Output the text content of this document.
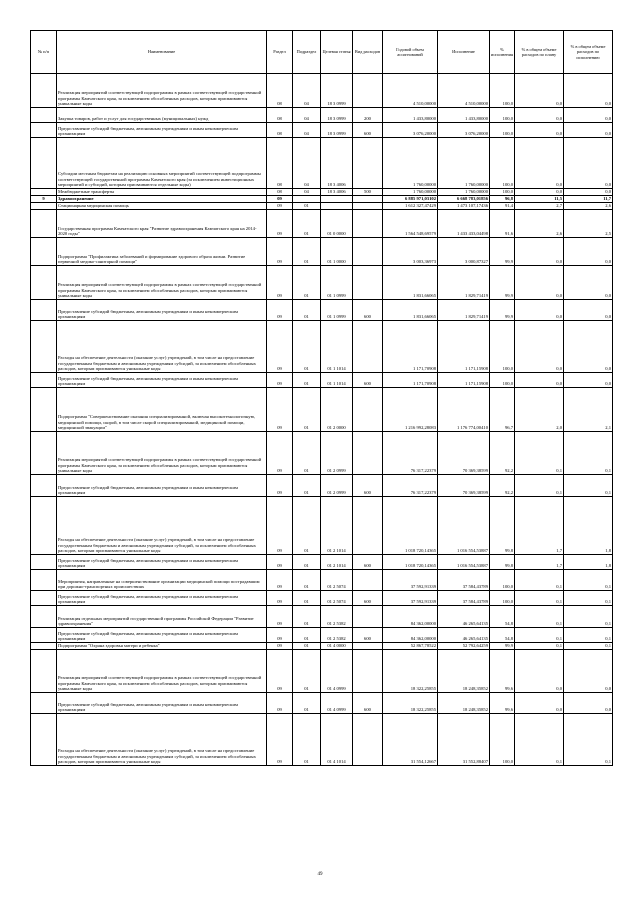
№ п/п	Наименование	Раздел	Подраздел	Целевая статья	Вид расходов	Годовой объем ассигнований	Исполнение	% исполнения	% в общем объеме расходов по плану	% в общем объеме расходов по исполнению
	Реализация мероприятий соответствующей подпрограммы в рамках соответствующей государственной программы Камчатского края, за исключением обособленных расходов, которым присваиваются уникальные коды	08	04	18 3 0999		4 510,00000	4 510,00000	100,0	0,0	0,0
	Закупка товаров, работ и услуг для государственных (муниципальных) нужд	08	04	18 3 0999	200	1 433,80000	1 433,80000	100,0	0,0	0,0
	Предоставление субсидий бюджетным, автономным учреждениям и иным некоммерческим организациям	08	04	18 3 0999	600	3 076,20000	3 076,20000	100,0	0,0	0,0
	Субсидии местным бюджетам на реализацию основных мероприятий соответствующей подпрограммы соответствующей государственной программы Камчатского края (за исключением инвестиционных мероприятий и субсидий, которым присваиваются отдельные коды)	08	04	18 3 4006		1 760,00000	1 760,00000	100,0	0,0	0,0
	Межбюджетные трансферты	08	04	18 3 4006	500	1 760,00000	1 760,00000	100,0	0,0	0,0
9	Здравоохранение	09				6 885 971,03102	6 668 783,01856	96,8	11,5	11,7
	Стационарная медицинская помощь	09	01			1 612 327,47429	1 473 107,17436	91,4	2,7	2,6
	Государственная программа Камчатского края "Развитие здравоохранения Камчатского края на 2014-2020 годы"	09	01	01 0 0000		1 564 548,69579	1 433 433,04498	91,6	2,6	2,5
	Подпрограмма "Профилактика заболеваний и формирование здорового образа жизни. Развитие первичной медико-санитарной помощи"	09	01	01 1 0000		3 003,36973	3 000,87327	99,9	0,0	0,0
	Реализация мероприятий соответствующей подпрограммы в рамках соответствующей государственной программы Камчатского края, за исключением обособленных расходов, которым присваиваются уникальные коды	09	01	01 1 0999		1 831,66065	1 829,71419	99,9	0,0	0,0
	Предоставление субсидий бюджетным, автономным учреждениям и иным некоммерческим организациям	09	01	01 1 0999	600	1 831,66065	1 829,71419	99,9	0,0	0,0
	Расходы на обеспечение деятельности (оказание услуг) учреждений, в том числе на предоставление государственным бюджетным и автономным учреждениям субсидий, за исключением обособленных расходов, которым присваиваются уникальные коды	09	01	01 1 1014		1 171,70908	1 171,15908	100,0	0,0	0,0
	Предоставление субсидий бюджетным, автономным учреждениям и иным некоммерческим организациям	09	01	01 1 1014	600	1 171,70908	1 171,15908	100,0	0,0	0,0
	Подпрограмма "Совершенствование оказания специализированной, включая высокотехнологичную, медицинской помощи, скорой, в том числе скорой специализированной, медицинской помощи, медицинской эвакуации"	09	01	01 2 0000		1 216 992,28083	1 176 774,00410	96,7	2,0	2,1
	Реализация мероприятий соответствующей подпрограммы в рамках соответствующей государственной программы Камчатского края, за исключением обособленных расходов, которым присваиваются уникальные коды	09	01	01 2 0999		76 317,22379	70 369,38599	92,2	0,1	0,1
	Предоставление субсидий бюджетным, автономным учреждениям и иным некоммерческим организациям	09	01	01 2 0999	600	76 317,22379	70 369,38599	92,2	0,1	0,1
	Расходы на обеспечение деятельности (оказание услуг) учреждений, в том числе на предоставление государственным бюджетным и автономным учреждениям субсидий, за исключением обособленных расходов, которым присваиваются уникальные коды	09	01	01 2 1014		1 018 720,14365	1 016 554,53887	99,8	1,7	1,8
	Предоставление субсидий бюджетным, автономным учреждениям и иным некоммерческим организациям	09	01	01 2 1014	600	1 018 720,14365	1 016 554,53887	99,8	1,7	1,8
	Мероприятия, направленные на совершенствование организации медицинской помощи пострадавшим при дорожно-транспортных происшествиях	09	01	01 2 5074		37 592,91339	37 584,43789	100,0	0,1	0,1
	Предоставление субсидий бюджетным, автономным учреждениям и иным некоммерческим организациям	09	01	01 2 5074	600	37 592,91339	37 584,43789	100,0	0,1	0,1
	Реализация отдельных мероприятий государственной программы Российской Федерации "Развитие здравоохранения"	09	01	01 2 5382		84 362,00000	46 265,64135	54,8	0,1	0,1
	Предоставление субсидий бюджетным, автономным учреждениям и иным некоммерческим организациям	09	01	01 2 5382	600	84 362,00000	46 265,64135	54,8	0,1	0,1
	Подпрограмма "Охрана здоровья матери и ребенка"	09	01	01 4 0000		52 867,78522	52 792,64259	99,9	0,1	0,1
	Реализация мероприятий соответствующей подпрограммы в рамках соответствующей государственной программы Камчатского края, за исключением обособленных расходов, которым присваиваются уникальные коды	09	01	01 4 0999		18 322,25855	18 248,35852	99,6	0,0	0,0
	Предоставление субсидий бюджетным, автономным учреждениям и иным некоммерческим организациям	09	01	01 4 0999	600	18 322,25855	18 248,35852	99,6	0,0	0,0
	Расходы на обеспечение деятельности (оказание услуг) учреждений, в том числе на предоставление государственным бюджетным и автономным учреждениям субсидий, за исключением обособленных расходов, которым присваиваются уникальные коды	09	01	01 4 1014		31 554,12667	31 552,88407	100,0	0,1	0,1
49
